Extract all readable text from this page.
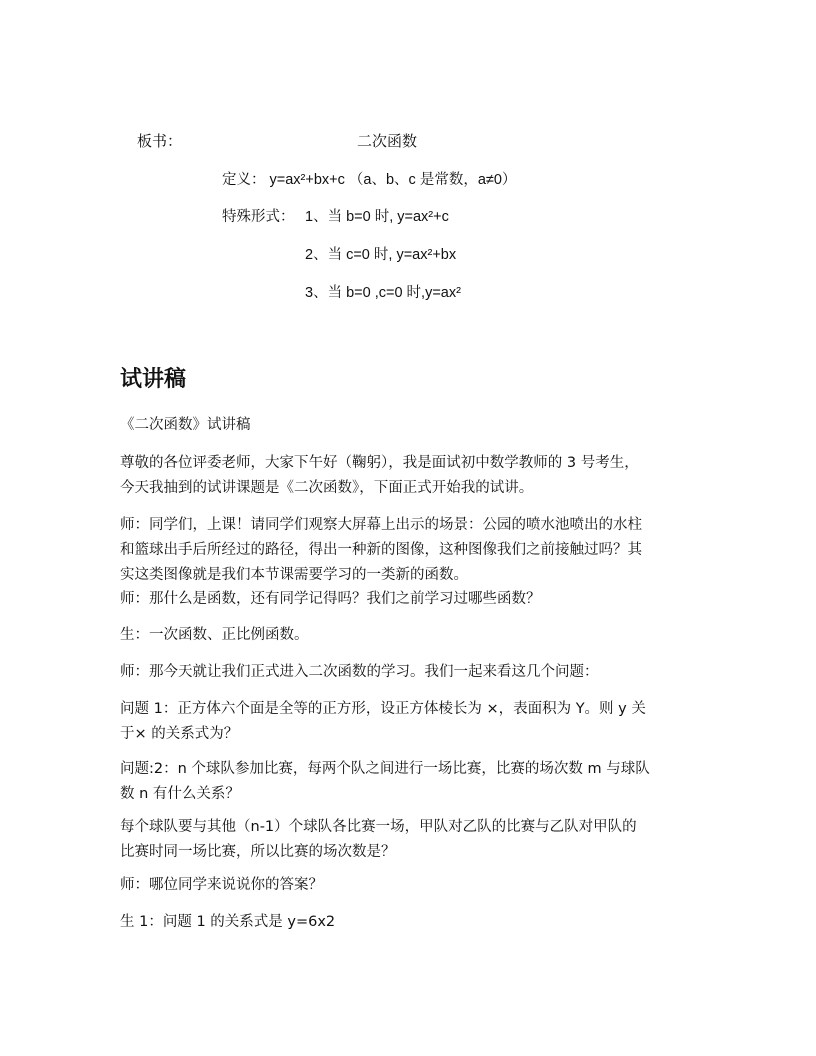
板书：	二次函数
定义： y=ax²+bx+c （a、b、c 是常数，a≠0）
特殊形式： 1、当 b=0 时, y=ax²+c
2、当 c=0 时, y=ax²+bx
3、当 b=0 ,c=0 时,y=ax²
试讲稿
《二次函数》试讲稿
尊敬的各位评委老师，大家下午好（鞠躬），我是面试初中数学教师的 3 号考生，
今天我抽到的试讲课题是《二次函数》，下面正式开始我的试讲。
师：同学们，上课！请同学们观察大屏幕上出示的场景：公园的喷水池喷出的水柱
和篮球出手后所经过的路径，得出一种新的图像，这种图像我们之前接触过吗？其
实这类图像就是我们本节课需要学习的一类新的函数。
师：那什么是函数，还有同学记得吗？我们之前学习过哪些函数？
生：一次函数、正比例函数。
师：那今天就让我们正式进入二次函数的学习。我们一起来看这几个问题：
问题 1：正方体六个面是全等的正方形，设正方体棱长为 ×，表面积为 Y。则 y 关
于× 的关系式为？
问题:2：n 个球队参加比赛，每两个队之间进行一场比赛，比赛的场次数 m 与球队
数 n 有什么关系？
每个球队要与其他（n-1）个球队各比赛一场，甲队对乙队的比赛与乙队对甲队的
比赛时同一场比赛，所以比赛的场次数是？
师：哪位同学来说说你的答案？
生 1：问题 1 的关系式是 y=6x2
